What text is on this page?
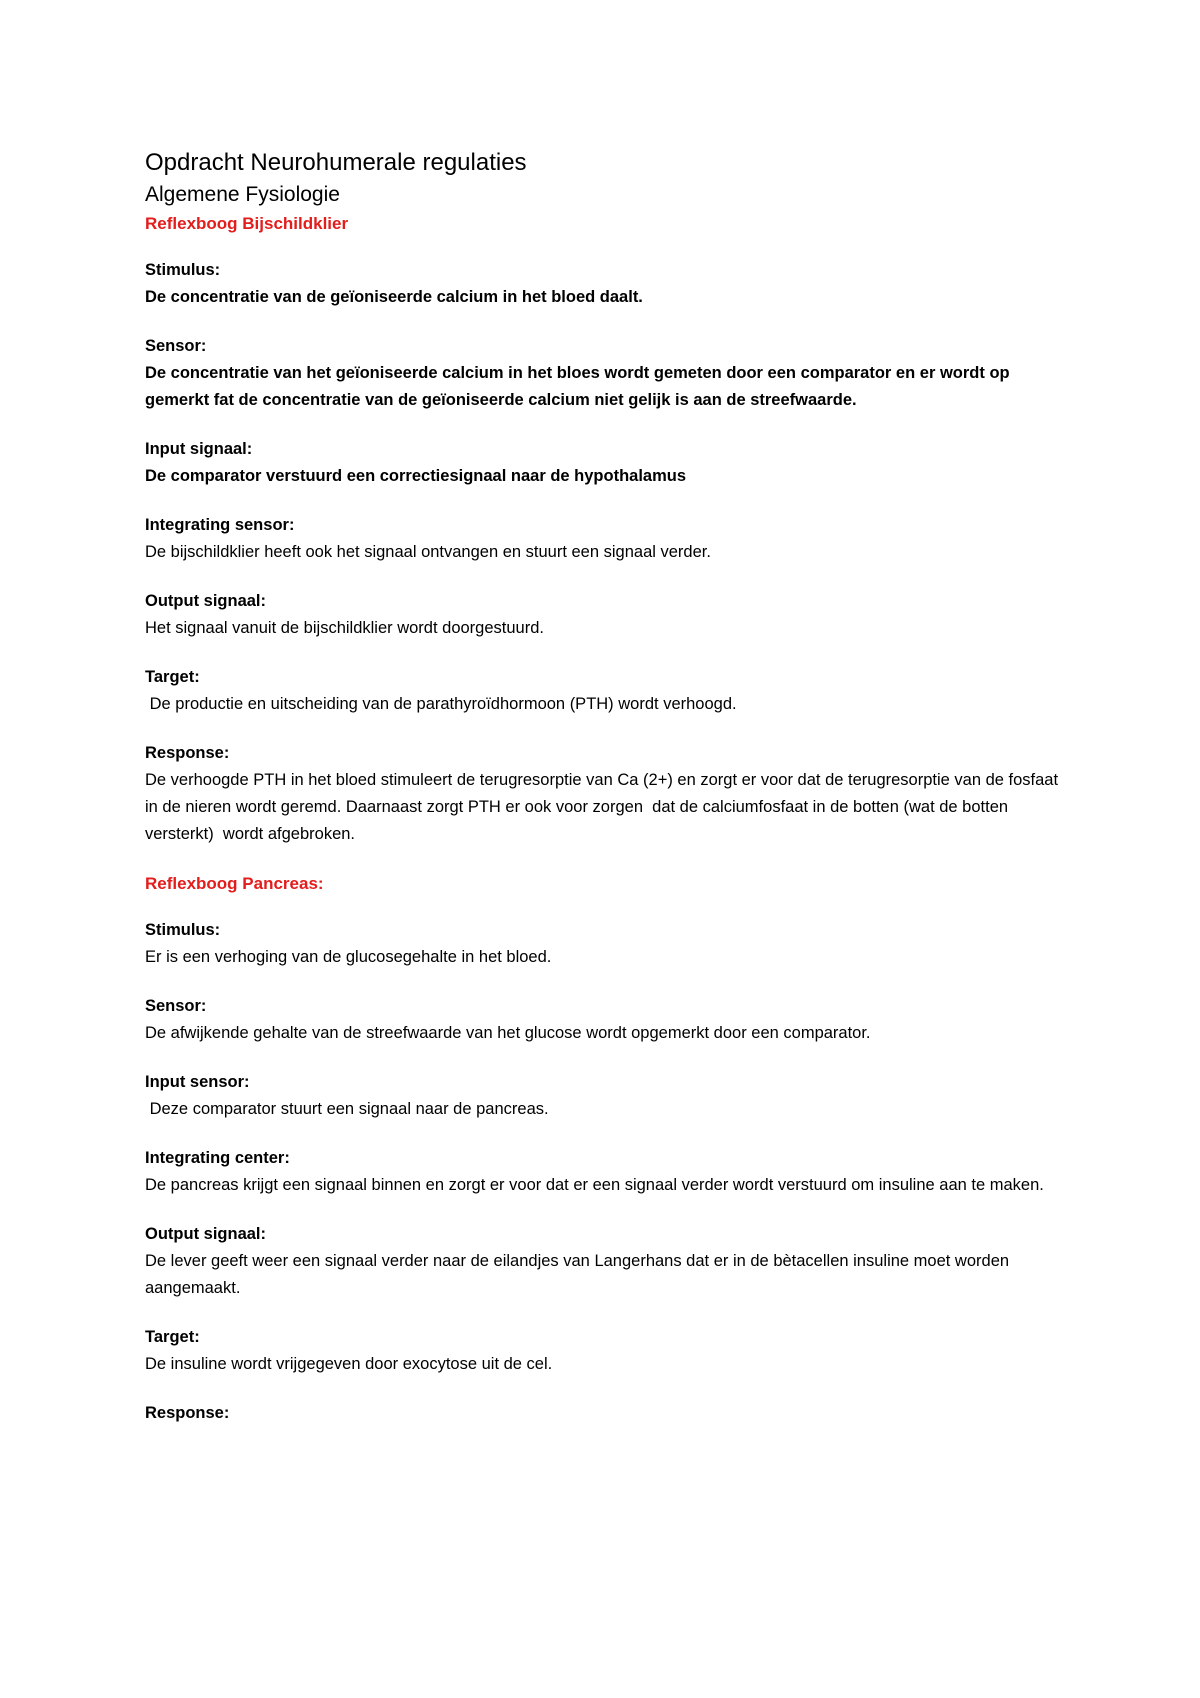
Opdracht Neurohumerale regulaties
Algemene Fysiologie
Reflexboog Bijschildklier
Stimulus:
De concentratie van de geïoniseerde calcium in het bloed daalt.
Sensor:
De concentratie van het geïoniseerde calcium in het bloes wordt gemeten door een comparator en er wordt op gemerkt fat de concentratie van de geïoniseerde calcium niet gelijk is aan de streefwaarde.
Input signaal:
De comparator verstuurd een correctiesignaal naar de hypothalamus
Integrating sensor:
De bijschildklier heeft ook het signaal ontvangen en stuurt een signaal verder.
Output signaal:
Het signaal vanuit de bijschildklier wordt doorgestuurd.
Target:
De productie en uitscheiding van de parathyroïdhormoon (PTH) wordt verhoogd.
Response:
De verhoogde PTH in het bloed stimuleert de terugresorptie van Ca (2+) en zorgt er voor dat de terugresorptie van de fosfaat in de nieren wordt geremd. Daarnaast zorgt PTH er ook voor zorgen  dat de calciumfosfaat in de botten (wat de botten versterkt)  wordt afgebroken.
Reflexboog Pancreas:
Stimulus:
Er is een verhoging van de glucosegehalte in het bloed.
Sensor:
De afwijkende gehalte van de streefwaarde van het glucose wordt opgemerkt door een comparator.
Input sensor:
Deze comparator stuurt een signaal naar de pancreas.
Integrating center:
De pancreas krijgt een signaal binnen en zorgt er voor dat er een signaal verder wordt verstuurd om insuline aan te maken.
Output signaal:
De lever geeft weer een signaal verder naar de eilandjes van Langerhans dat er in de bètacellen insuline moet worden aangemaakt.
Target:
De insuline wordt vrijgegeven door exocytose uit de cel.
Response:
